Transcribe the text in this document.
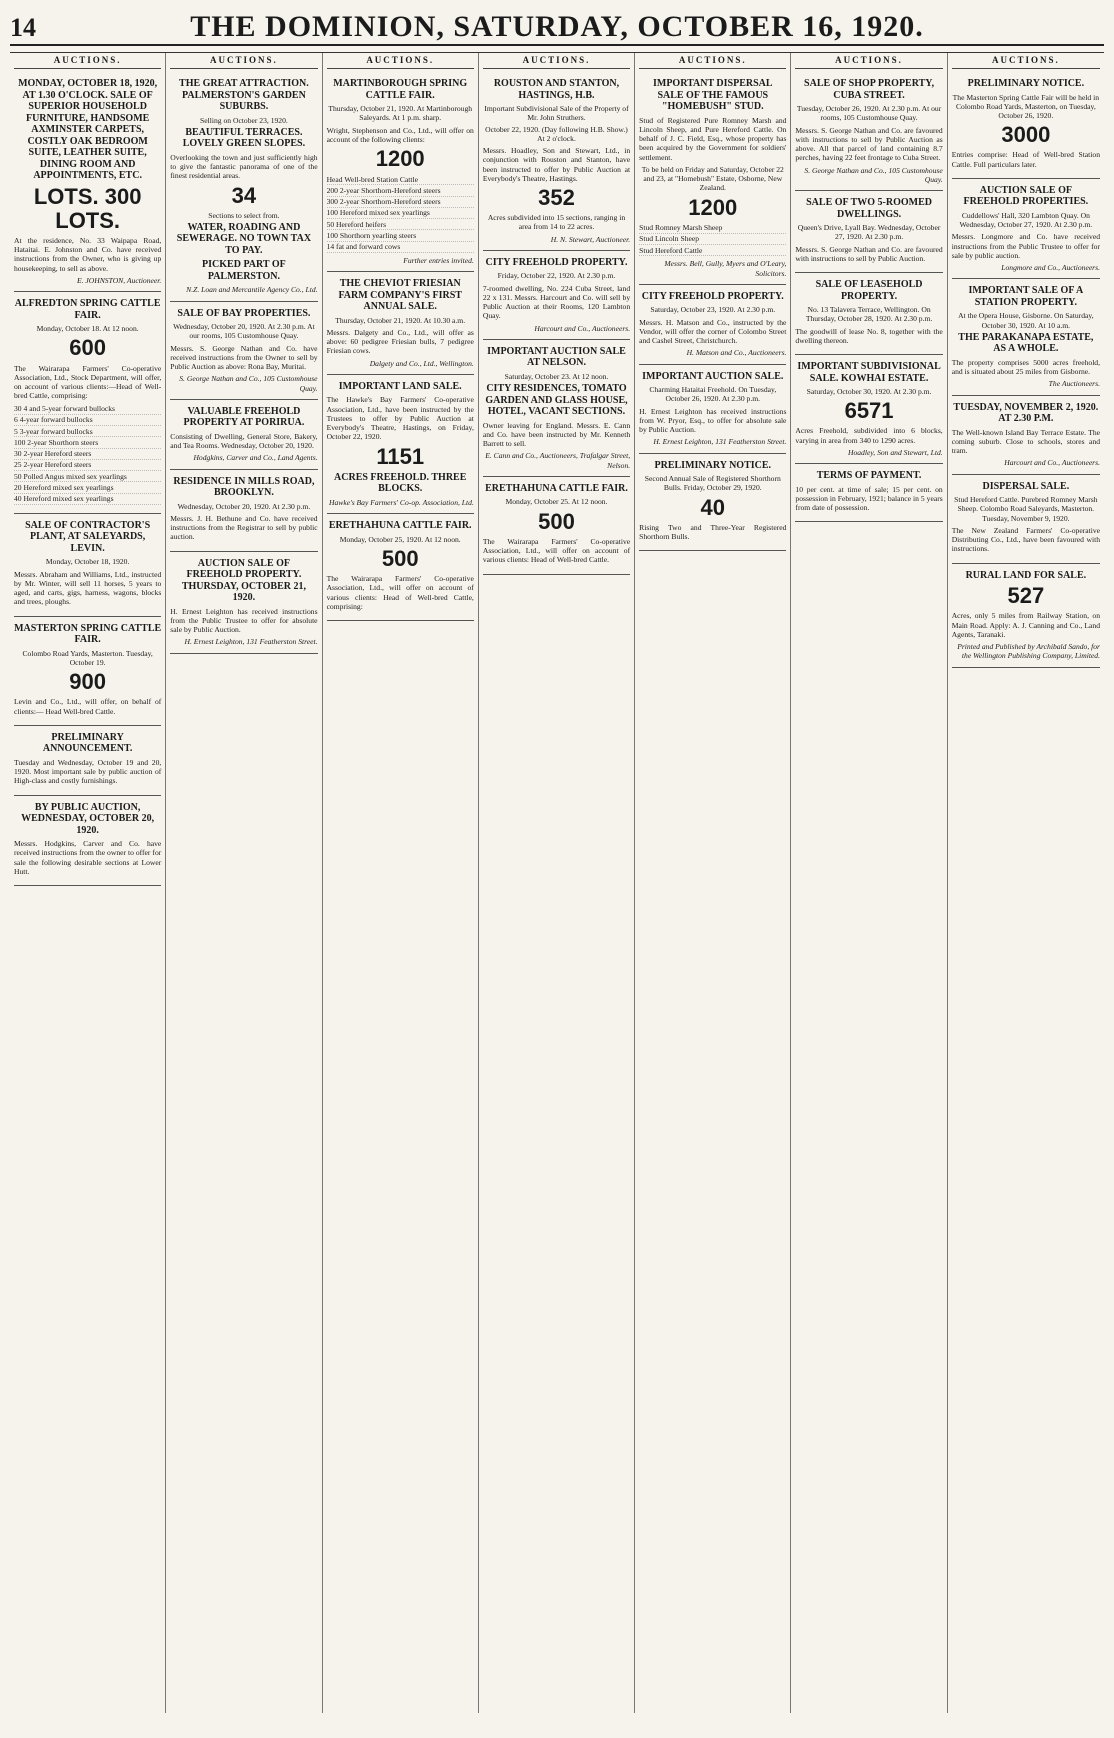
14	THE DOMINION, SATURDAY, OCTOBER 16, 1920.
AUCTIONS.
MONDAY, OCTOBER 18, 1920, AT 1.30 O'CLOCK. SALE OF SUPERIOR HOUSEHOLD FURNITURE, HANDSOME AXMINSTER CARPETS, COSTLY OAK BEDROOM SUITE, LEATHER SUITE, DINING ROOM AND APPOINTMENTS, ETC.
LOTS. 300 LOTS.
At the residence, No. 33 Waipapa Road, Hataitai. E. Johnston and Co. have received instructions from the Owner, who is giving up housekeeping, to sell as above.
E. JOHNSTON, Auctioneer.
ALFREDTON SPRING CATTLE FAIR.
Monday, October 18. At 12 noon.
600
The Wairarapa Farmers' Co-operative Association, Ltd., Stock Department, will offer, on account of various clients:—Head of Well-bred Cattle, comprising:
30 4 and 5-year forward bullocks
6 4-year forward bullocks
5 3-year forward bullocks
100 2-year Shorthorn steers
30 2-year Hereford steers
25 2-year Hereford steers
50 Polled Angus mixed sex yearlings
20 Hereford mixed sex yearlings
40 Hereford mixed sex yearlings
SALE OF CONTRACTOR'S PLANT, AT SALEYARDS, LEVIN.
Monday, October 18, 1920.
Messrs. Abraham and Williams, Ltd., instructed by Mr. Winter, will sell 11 horses, 5 years to aged, and carts, gigs, harness, wagons, blocks and trees, ploughs.
MASTERTON SPRING CATTLE FAIR.
Colombo Road Yards, Masterton. Tuesday, October 19.
900
Levin and Co., Ltd., will offer, on behalf of clients:— Head Well-bred Cattle.
PRELIMINARY ANNOUNCEMENT.
Tuesday and Wednesday, October 19 and 20, 1920. Most important sale by public auction of High-class and costly furnishings.
BY PUBLIC AUCTION, WEDNESDAY, OCTOBER 20, 1920.
Messrs. Hodgkins, Carver and Co. have received instructions from the owner to offer for sale the following desirable sections at Lower Hutt.
AUCTIONS.
THE GREAT ATTRACTION. PALMERSTON'S GARDEN SUBURBS.
Selling on October 23, 1920.
BEAUTIFUL TERRACES. LOVELY GREEN SLOPES.
Overlooking the town and just sufficiently high to give the fantastic panorama of one of the finest residential areas.
34
Sections to select from.
WATER, ROADING AND SEWERAGE. NO TOWN TAX TO PAY.
PICKED PART OF PALMERSTON.
N.Z. Loan and Mercantile Agency Co., Ltd.
SALE OF BAY PROPERTIES.
Wednesday, October 20, 1920. At 2.30 p.m. At our rooms, 105 Customhouse Quay.
Messrs. S. George Nathan and Co. have received instructions from the Owner to sell by Public Auction as above: Rona Bay, Muritai.
S. George Nathan and Co., 105 Customhouse Quay.
VALUABLE FREEHOLD PROPERTY AT PORIRUA.
Consisting of Dwelling, General Store, Bakery, and Tea Rooms. Wednesday, October 20, 1920.
Hodgkins, Carver and Co., Land Agents.
RESIDENCE IN MILLS ROAD, BROOKLYN.
Wednesday, October 20, 1920. At 2.30 p.m.
Messrs. J. H. Bethune and Co. have received instructions from the Registrar to sell by public auction.
AUCTION SALE OF FREEHOLD PROPERTY. THURSDAY, OCTOBER 21, 1920.
H. Ernest Leighton has received instructions from the Public Trustee to offer for absolute sale by Public Auction.
H. Ernest Leighton, 131 Featherston Street.
AUCTIONS.
MARTINBOROUGH SPRING CATTLE FAIR.
Thursday, October 21, 1920. At Martinborough Saleyards. At 1 p.m. sharp.
Wright, Stephenson and Co., Ltd., will offer on account of the following clients:
1200
Head Well-bred Station Cattle
200 2-year Shorthorn-Hereford steers
300 2-year Shorthorn-Hereford steers
100 Hereford mixed sex yearlings
50 Hereford heifers
100 Shorthorn yearling steers
14 fat and forward cows
Further entries invited.
THE CHEVIOT FRIESIAN FARM COMPANY'S FIRST ANNUAL SALE.
Thursday, October 21, 1920. At 10.30 a.m.
Messrs. Dalgety and Co., Ltd., will offer as above: 60 pedigree Friesian bulls, 7 pedigree Friesian cows.
Dalgety and Co., Ltd., Wellington.
IMPORTANT LAND SALE.
The Hawke's Bay Farmers' Co-operative Association, Ltd., have been instructed by the Trustees to offer by Public Auction at Everybody's Theatre, Hastings, on Friday, October 22, 1920.
1151
ACRES FREEHOLD. THREE BLOCKS.
Hawke's Bay Farmers' Co-op. Association, Ltd.
ERETHAHUNA CATTLE FAIR.
Monday, October 25, 1920. At 12 noon.
500
The Wairarapa Farmers' Co-operative Association, Ltd., will offer on account of various clients: Head of Well-bred Cattle, comprising:
AUCTIONS.
ROUSTON AND STANTON, HASTINGS, H.B.
Important Subdivisional Sale of the Property of Mr. John Struthers.
October 22, 1920. (Day following H.B. Show.) At 2 o'clock.
Messrs. Hoadley, Son and Stewart, Ltd., in conjunction with Rouston and Stanton, have been instructed to offer by Public Auction at Everybody's Theatre, Hastings.
352
Acres subdivided into 15 sections, ranging in area from 14 to 22 acres.
H. N. Stewart, Auctioneer.
CITY FREEHOLD PROPERTY.
Friday, October 22, 1920. At 2.30 p.m.
7-roomed dwelling, No. 224 Cuba Street, land 22 x 131. Messrs. Harcourt and Co. will sell by Public Auction at their Rooms, 120 Lambton Quay.
Harcourt and Co., Auctioneers.
IMPORTANT AUCTION SALE AT NELSON.
Saturday, October 23. At 12 noon.
CITY RESIDENCES, TOMATO GARDEN AND GLASS HOUSE, HOTEL, VACANT SECTIONS.
Owner leaving for England. Messrs. E. Cann and Co. have been instructed by Mr. Kenneth Barrett to sell.
E. Cann and Co., Auctioneers, Trafalgar Street, Nelson.
ERETHAHUNA CATTLE FAIR.
Monday, October 25. At 12 noon.
500
The Wairarapa Farmers' Co-operative Association, Ltd., will offer on account of various clients: Head of Well-bred Cattle.
AUCTIONS.
IMPORTANT DISPERSAL SALE OF THE FAMOUS "HOMEBUSH" STUD.
Stud of Registered Pure Romney Marsh and Lincoln Sheep, and Pure Hereford Cattle. On behalf of J. C. Field, Esq., whose property has been acquired by the Government for soldiers' settlement.
To be held on Friday and Saturday, October 22 and 23, at "Homebush" Estate, Osborne, New Zealand.
1200
Stud Romney Marsh Sheep
Stud Lincoln Sheep
Stud Hereford Cattle
Messrs. Bell, Gully, Myers and O'Leary, Solicitors.
CITY FREEHOLD PROPERTY.
Saturday, October 23, 1920. At 2.30 p.m.
Messrs. H. Matson and Co., instructed by the Vendor, will offer the corner of Colombo Street and Cashel Street, Christchurch.
H. Matson and Co., Auctioneers.
IMPORTANT AUCTION SALE.
Charming Hataitai Freehold. On Tuesday, October 26, 1920. At 2.30 p.m.
H. Ernest Leighton has received instructions from W. Pryor, Esq., to offer for absolute sale by Public Auction.
H. Ernest Leighton, 131 Featherston Street.
PRELIMINARY NOTICE.
Second Annual Sale of Registered Shorthorn Bulls. Friday, October 29, 1920.
40
Rising Two and Three-Year Registered Shorthorn Bulls.
AUCTIONS.
SALE OF SHOP PROPERTY, CUBA STREET.
Tuesday, October 26, 1920. At 2.30 p.m. At our rooms, 105 Customhouse Quay.
Messrs. S. George Nathan and Co. are favoured with instructions to sell by Public Auction as above. All that parcel of land containing 8.7 perches, having 22 feet frontage to Cuba Street.
S. George Nathan and Co., 105 Customhouse Quay.
SALE OF TWO 5-ROOMED DWELLINGS.
Queen's Drive, Lyall Bay. Wednesday, October 27, 1920. At 2.30 p.m.
Messrs. S. George Nathan and Co. are favoured with instructions to sell by Public Auction.
SALE OF LEASEHOLD PROPERTY.
No. 13 Talavera Terrace, Wellington. On Thursday, October 28, 1920. At 2.30 p.m.
The goodwill of lease No. 8, together with the dwelling thereon.
IMPORTANT SUBDIVISIONAL SALE. KOWHAI ESTATE.
Saturday, October 30, 1920. At 2.30 p.m.
6571
Acres Freehold, subdivided into 6 blocks, varying in area from 340 to 1290 acres.
Hoadley, Son and Stewart, Ltd.
TERMS OF PAYMENT.
10 per cent. at time of sale; 15 per cent. on possession in February, 1921; balance in 5 years from date of possession.
AUCTIONS.
PRELIMINARY NOTICE.
The Masterton Spring Cattle Fair will be held in Colombo Road Yards, Masterton, on Tuesday, October 26, 1920.
3000
Entries comprise: Head of Well-bred Station Cattle. Full particulars later.
AUCTION SALE OF FREEHOLD PROPERTIES.
Cuddellows' Hall, 320 Lambton Quay. On Wednesday, October 27, 1920. At 2.30 p.m.
Messrs. Longmore and Co. have received instructions from the Public Trustee to offer for sale by public auction.
Longmore and Co., Auctioneers.
IMPORTANT SALE OF A STATION PROPERTY.
At the Opera House, Gisborne. On Saturday, October 30, 1920. At 10 a.m.
THE PARAKANAPA ESTATE, AS A WHOLE.
The property comprises 5000 acres freehold, and is situated about 25 miles from Gisborne.
The Auctioneers.
TUESDAY, NOVEMBER 2, 1920. AT 2.30 P.M.
The Well-known Island Bay Terrace Estate. The coming suburb. Close to schools, stores and tram.
Harcourt and Co., Auctioneers.
DISPERSAL SALE.
Stud Hereford Cattle. Purebred Romney Marsh Sheep. Colombo Road Saleyards, Masterton. Tuesday, November 9, 1920.
The New Zealand Farmers' Co-operative Distributing Co., Ltd., have been favoured with instructions.
RURAL LAND FOR SALE.
527
Acres, only 5 miles from Railway Station, on Main Road. Apply: A. J. Canning and Co., Land Agents, Taranaki.
Printed and Published by Archibald Sando, for the Wellington Publishing Company, Limited.
